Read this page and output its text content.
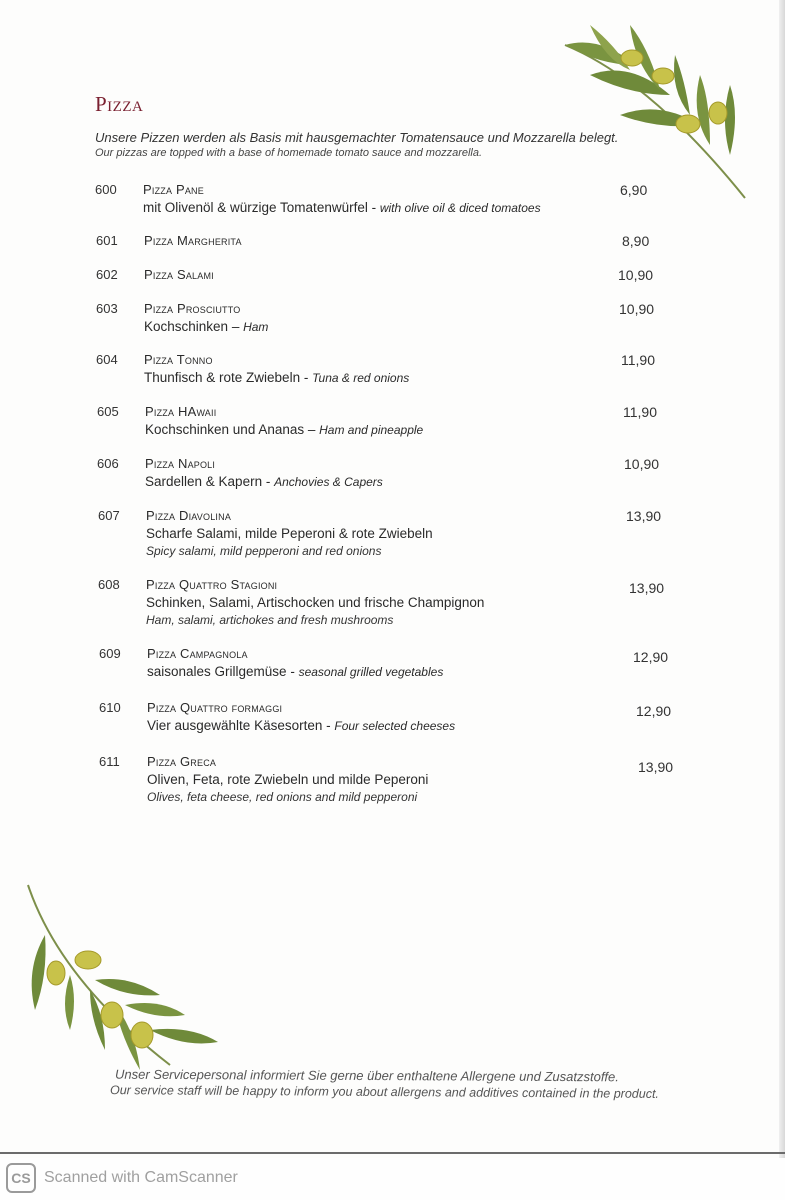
Pizza
Unsere Pizzen werden als Basis mit hausgemachter Tomatensauce und Mozzarella belegt.
Our pizzas are topped with a base of homemade tomato sauce and mozzarella.
600 Pizza Pane
mit Olivenöl & würzige Tomatenwürfel - with olive oil & diced tomatoes
6,90
601 Pizza Margherita	8,90
602 Pizza Salami	10,90
603 Pizza Prosciutto
Kochschinken – Ham
10,90
604 Pizza Tonno
Thunfisch & rote Zwiebeln - Tuna & red onions
11,90
605 Pizza HAwaii
Kochschinken und Ananas – Ham and pineapple
11,90
606 Pizza Napoli
Sardellen & Kapern - Anchovies & Capers
10,90
607 Pizza Diavolina
Scharfe Salami, milde Peperoni & rote Zwiebeln
Spicy salami, mild pepperoni and red onions
13,90
608 Pizza Quattro Stagioni
Schinken, Salami, Artischocken und frische Champignon
Ham, salami, artichokes and fresh mushrooms
13,90
609 Pizza Campagnola
saisonales Grillgemüse - seasonal grilled vegetables
12,90
610 Pizza Quattro formaggi
Vier ausgewählte Käsesorten - Four selected cheeses
12,90
611 Pizza Greca
Oliven, Feta, rote Zwiebeln und milde Peperoni
Olives, feta cheese, red onions and mild pepperoni
13,90
Unser Servicepersonal informiert Sie gerne über enthaltene Allergene und Zusatzstoffe.
Our service staff will be happy to inform you about allergens and additives contained in the product.
CS Scanned with CamScanner
